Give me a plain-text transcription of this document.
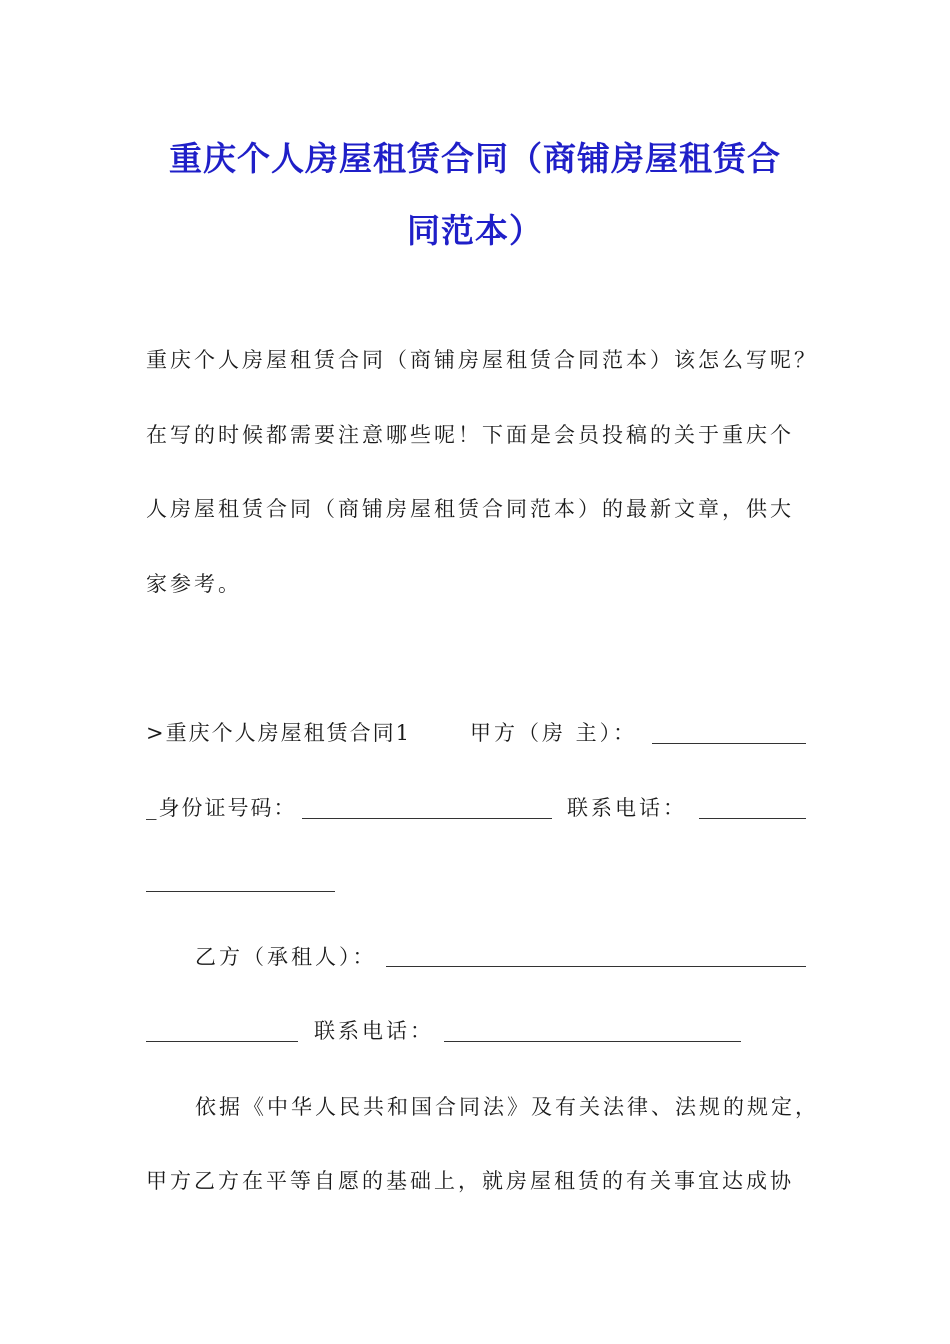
重庆个人房屋租赁合同（商铺房屋租赁合
同范本）
重庆个人房屋租赁合同（商铺房屋租赁合同范本）该怎么写呢？
在写的时候都需要注意哪些呢！下面是会员投稿的关于重庆个
人房屋租赁合同（商铺房屋租赁合同范本）的最新文章，供大
家参考。
>重庆个人房屋租赁合同1	甲方（房 主）：
_身份证号码：	联系电话：
乙方（承租人）：
联系电话：
依据《中华人民共和国合同法》及有关法律、法规的规定，
甲方乙方在平等自愿的基础上，就房屋租赁的有关事宜达成协
